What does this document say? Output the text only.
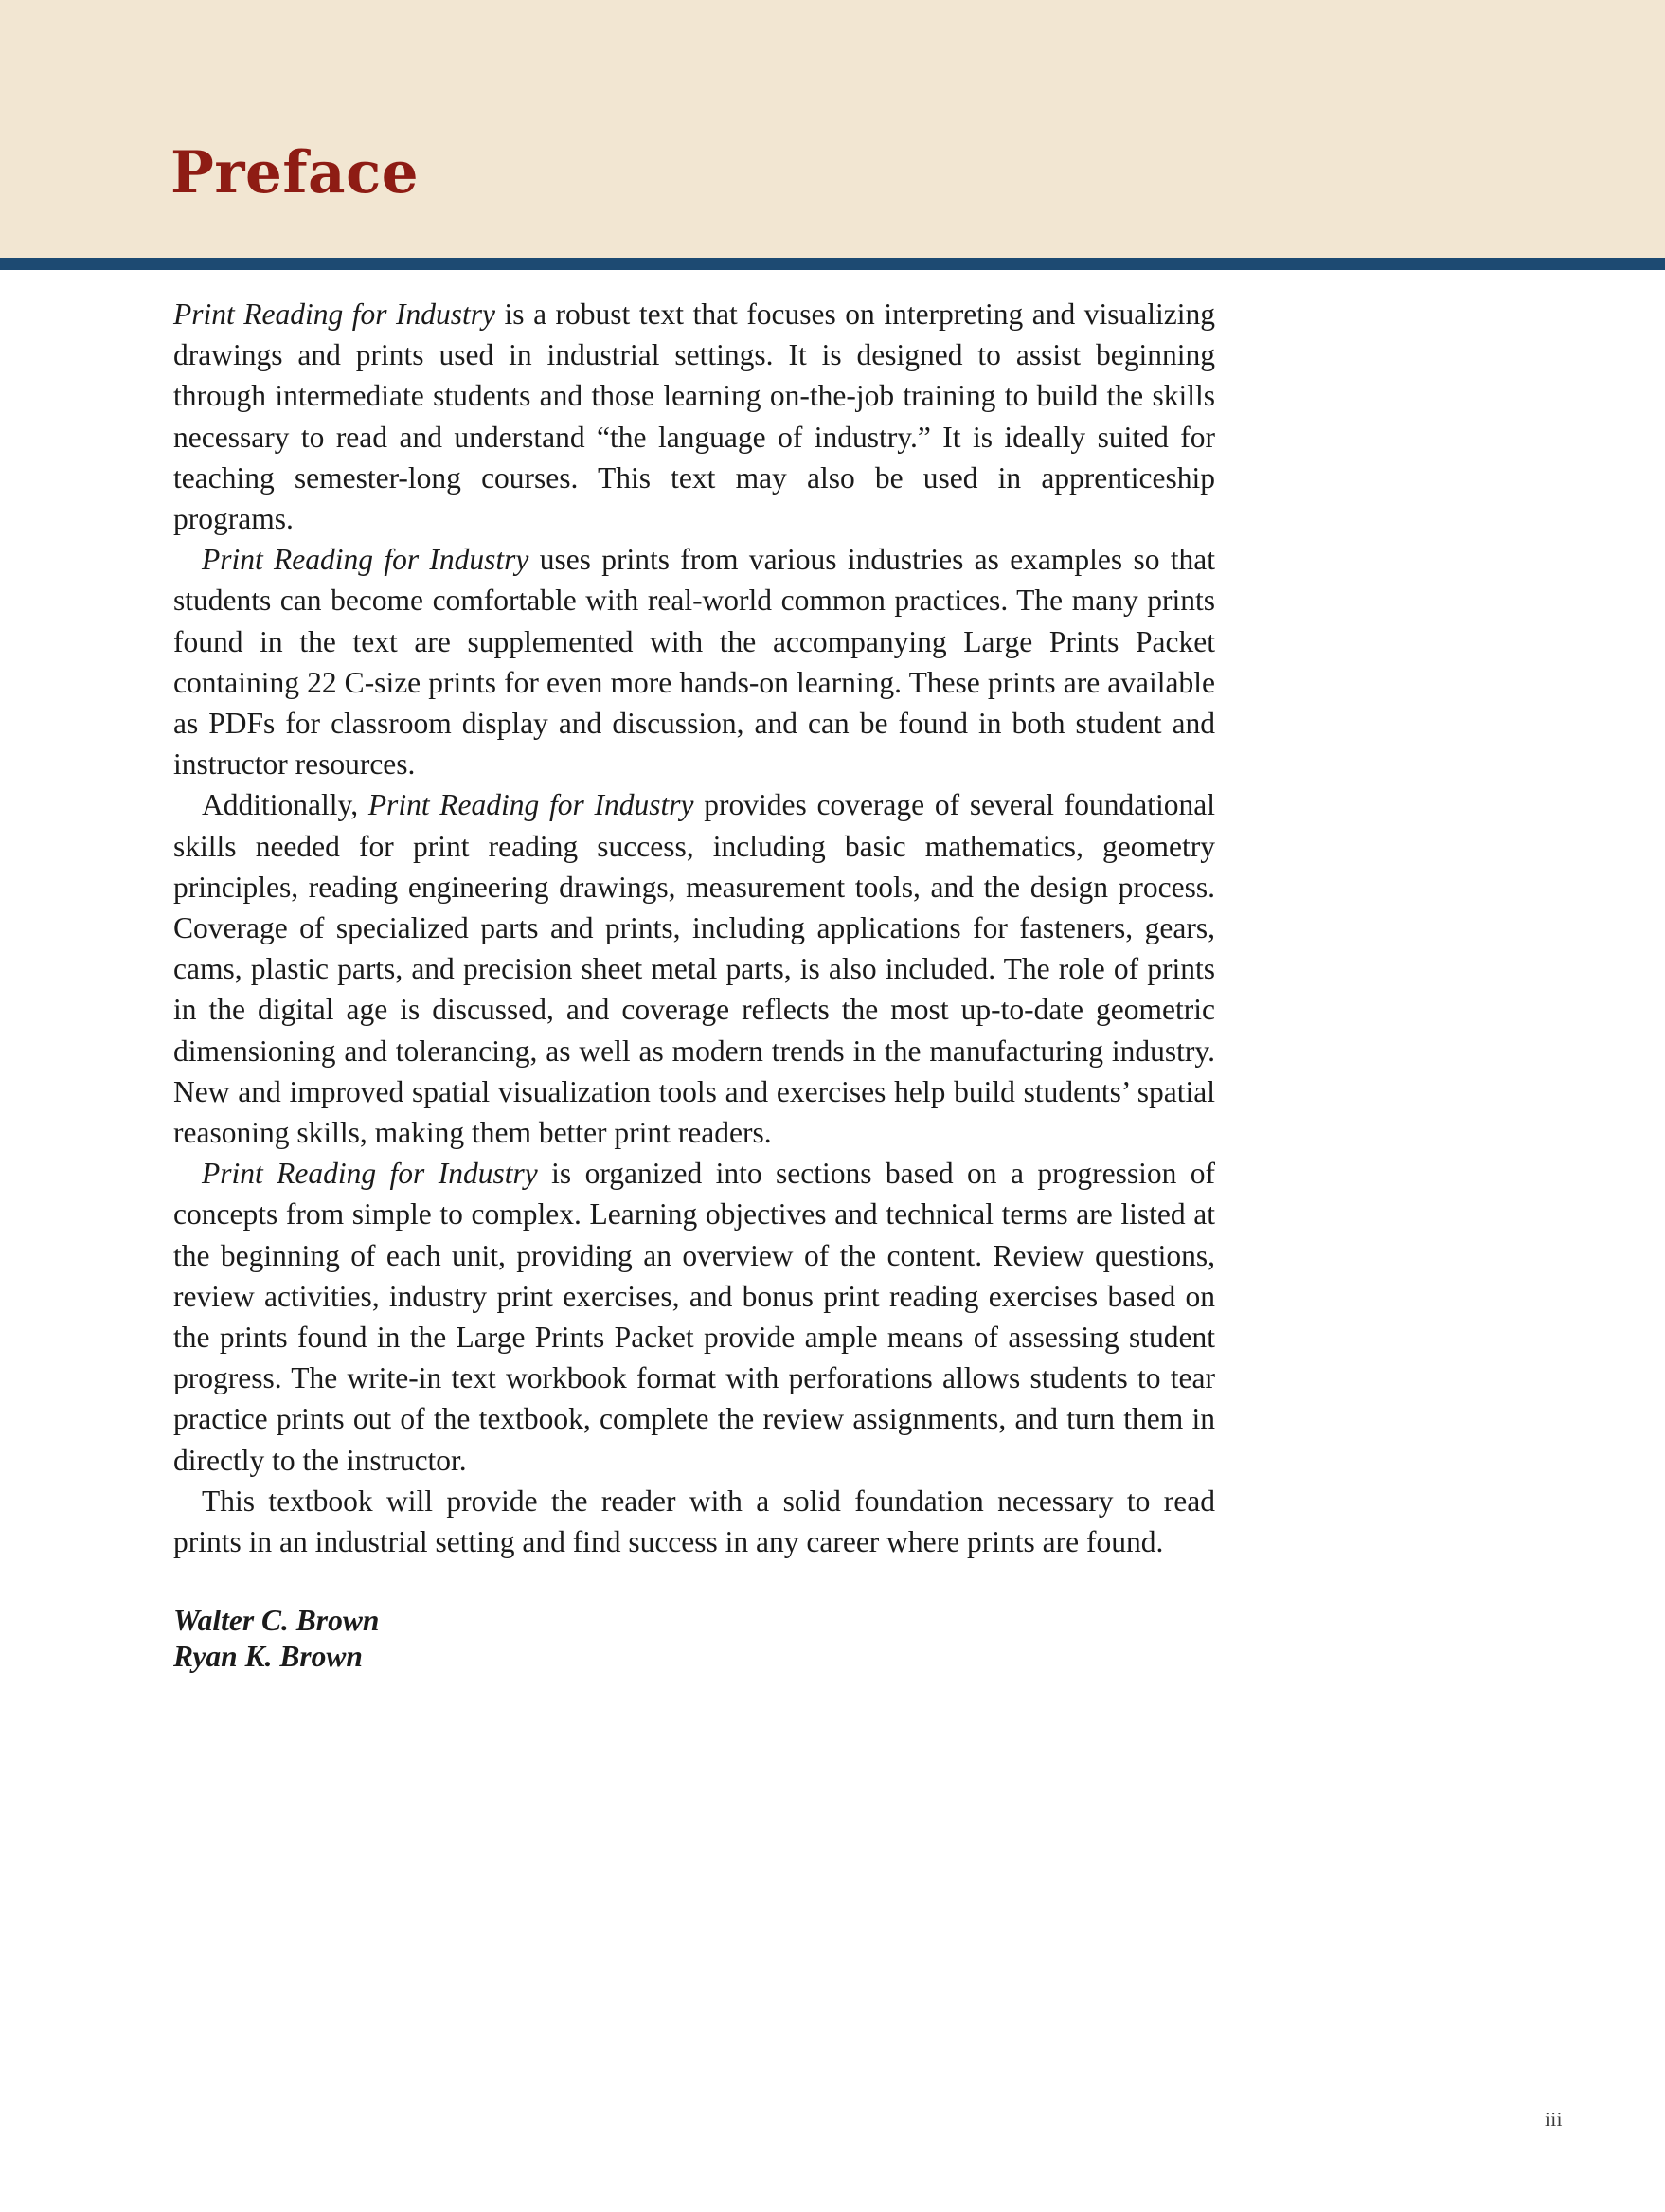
Preface

Print Reading for Industry is a robust text that focuses on interpreting and visualizing drawings and prints used in industrial settings. It is designed to assist beginning through intermediate students and those learning on-the-job training to build the skills necessary to read and understand “the language of industry.” It is ideally suited for teaching semester-long courses. This text may also be used in apprenticeship programs.

Print Reading for Industry uses prints from various industries as examples so that students can become comfortable with real-world common practices. The many prints found in the text are supplemented with the accompanying Large Prints Packet containing 22 C-size prints for even more hands-on learning. These prints are available as PDFs for classroom display and discussion, and can be found in both student and instructor resources.

Additionally, Print Reading for Industry provides coverage of several foundational skills needed for print reading success, including basic mathematics, geometry principles, reading engineering drawings, measurement tools, and the design process. Coverage of specialized parts and prints, including applications for fasteners, gears, cams, plastic parts, and precision sheet metal parts, is also included. The role of prints in the digital age is discussed, and coverage reflects the most up-to-date geometric dimensioning and tolerancing, as well as modern trends in the manufacturing industry. New and improved spatial visualization tools and exercises help build students’ spatial reasoning skills, making them better print readers.

Print Reading for Industry is organized into sections based on a progression of concepts from simple to complex. Learning objectives and technical terms are listed at the beginning of each unit, providing an overview of the content. Review questions, review activities, industry print exercises, and bonus print reading exercises based on the prints found in the Large Prints Packet provide ample means of assessing student progress. The write-in text workbook format with perforations allows students to tear practice prints out of the textbook, complete the review assignments, and turn them in directly to the instructor.

This textbook will provide the reader with a solid foundation necessary to read prints in an industrial setting and find success in any career where prints are found.

Walter C. Brown

Ryan K. Brown

iii
